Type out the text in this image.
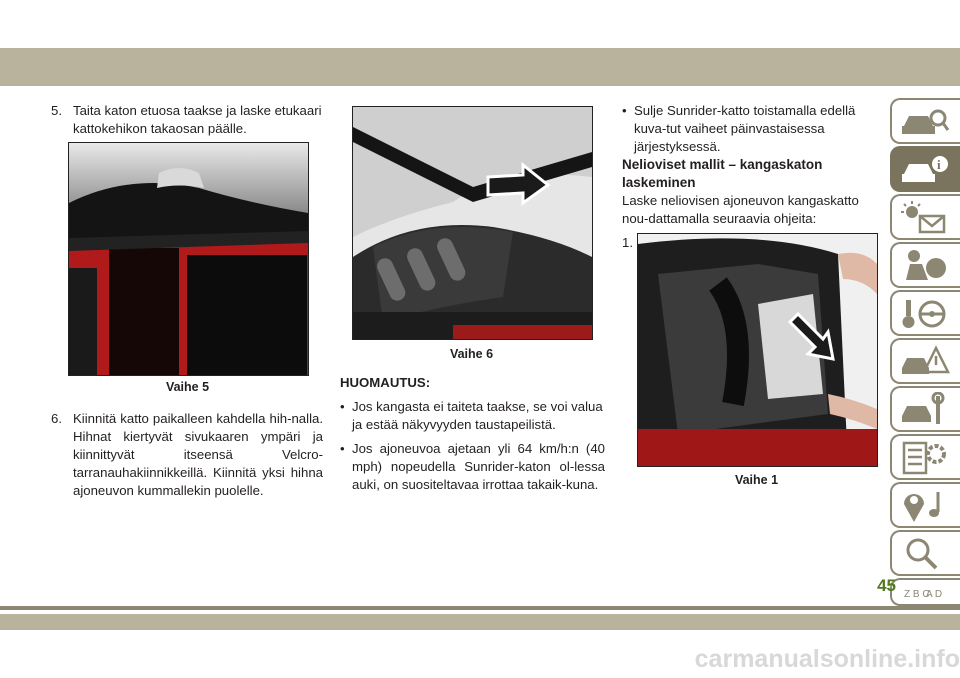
5. Taita katon etuosa taakse ja laske etukaari kattokehikon takaosan päälle.
Vaihe 5
6. Kiinnitä katto paikalleen kahdella hih-nalla. Hihnat kiertyvät sivukaaren ympäri ja kiinnittyvät itseensä Velcro-tarranauhakiinnikkeillä. Kiinnitä yksi hihna ajoneuvon kummallekin puolelle.
Vaihe 6

HUOMAUTUS:

• Jos kangasta ei taiteta taakse, se voi valua ja estää näkyvyyden taustapeilistä.
• Jos ajoneuvoa ajetaan yli 64 km/h:n (40 mph) nopeudella Sunrider-katon ol-lessa auki, on suositeltavaa irrottaa takaik-kuna.
• Sulje Sunrider-katto toistamalla edellä kuva-tut vaiheet päinvastaisessa järjestyksessä.

Nelioviset mallit – kangaskaton laskeminen

Laske neliovisen ajoneuvon kangaskatto nou-dattamalla seuraavia ohjeita:

1.
Vaihe 1
i
Z B C
A D
45
carmanualsonline.info
